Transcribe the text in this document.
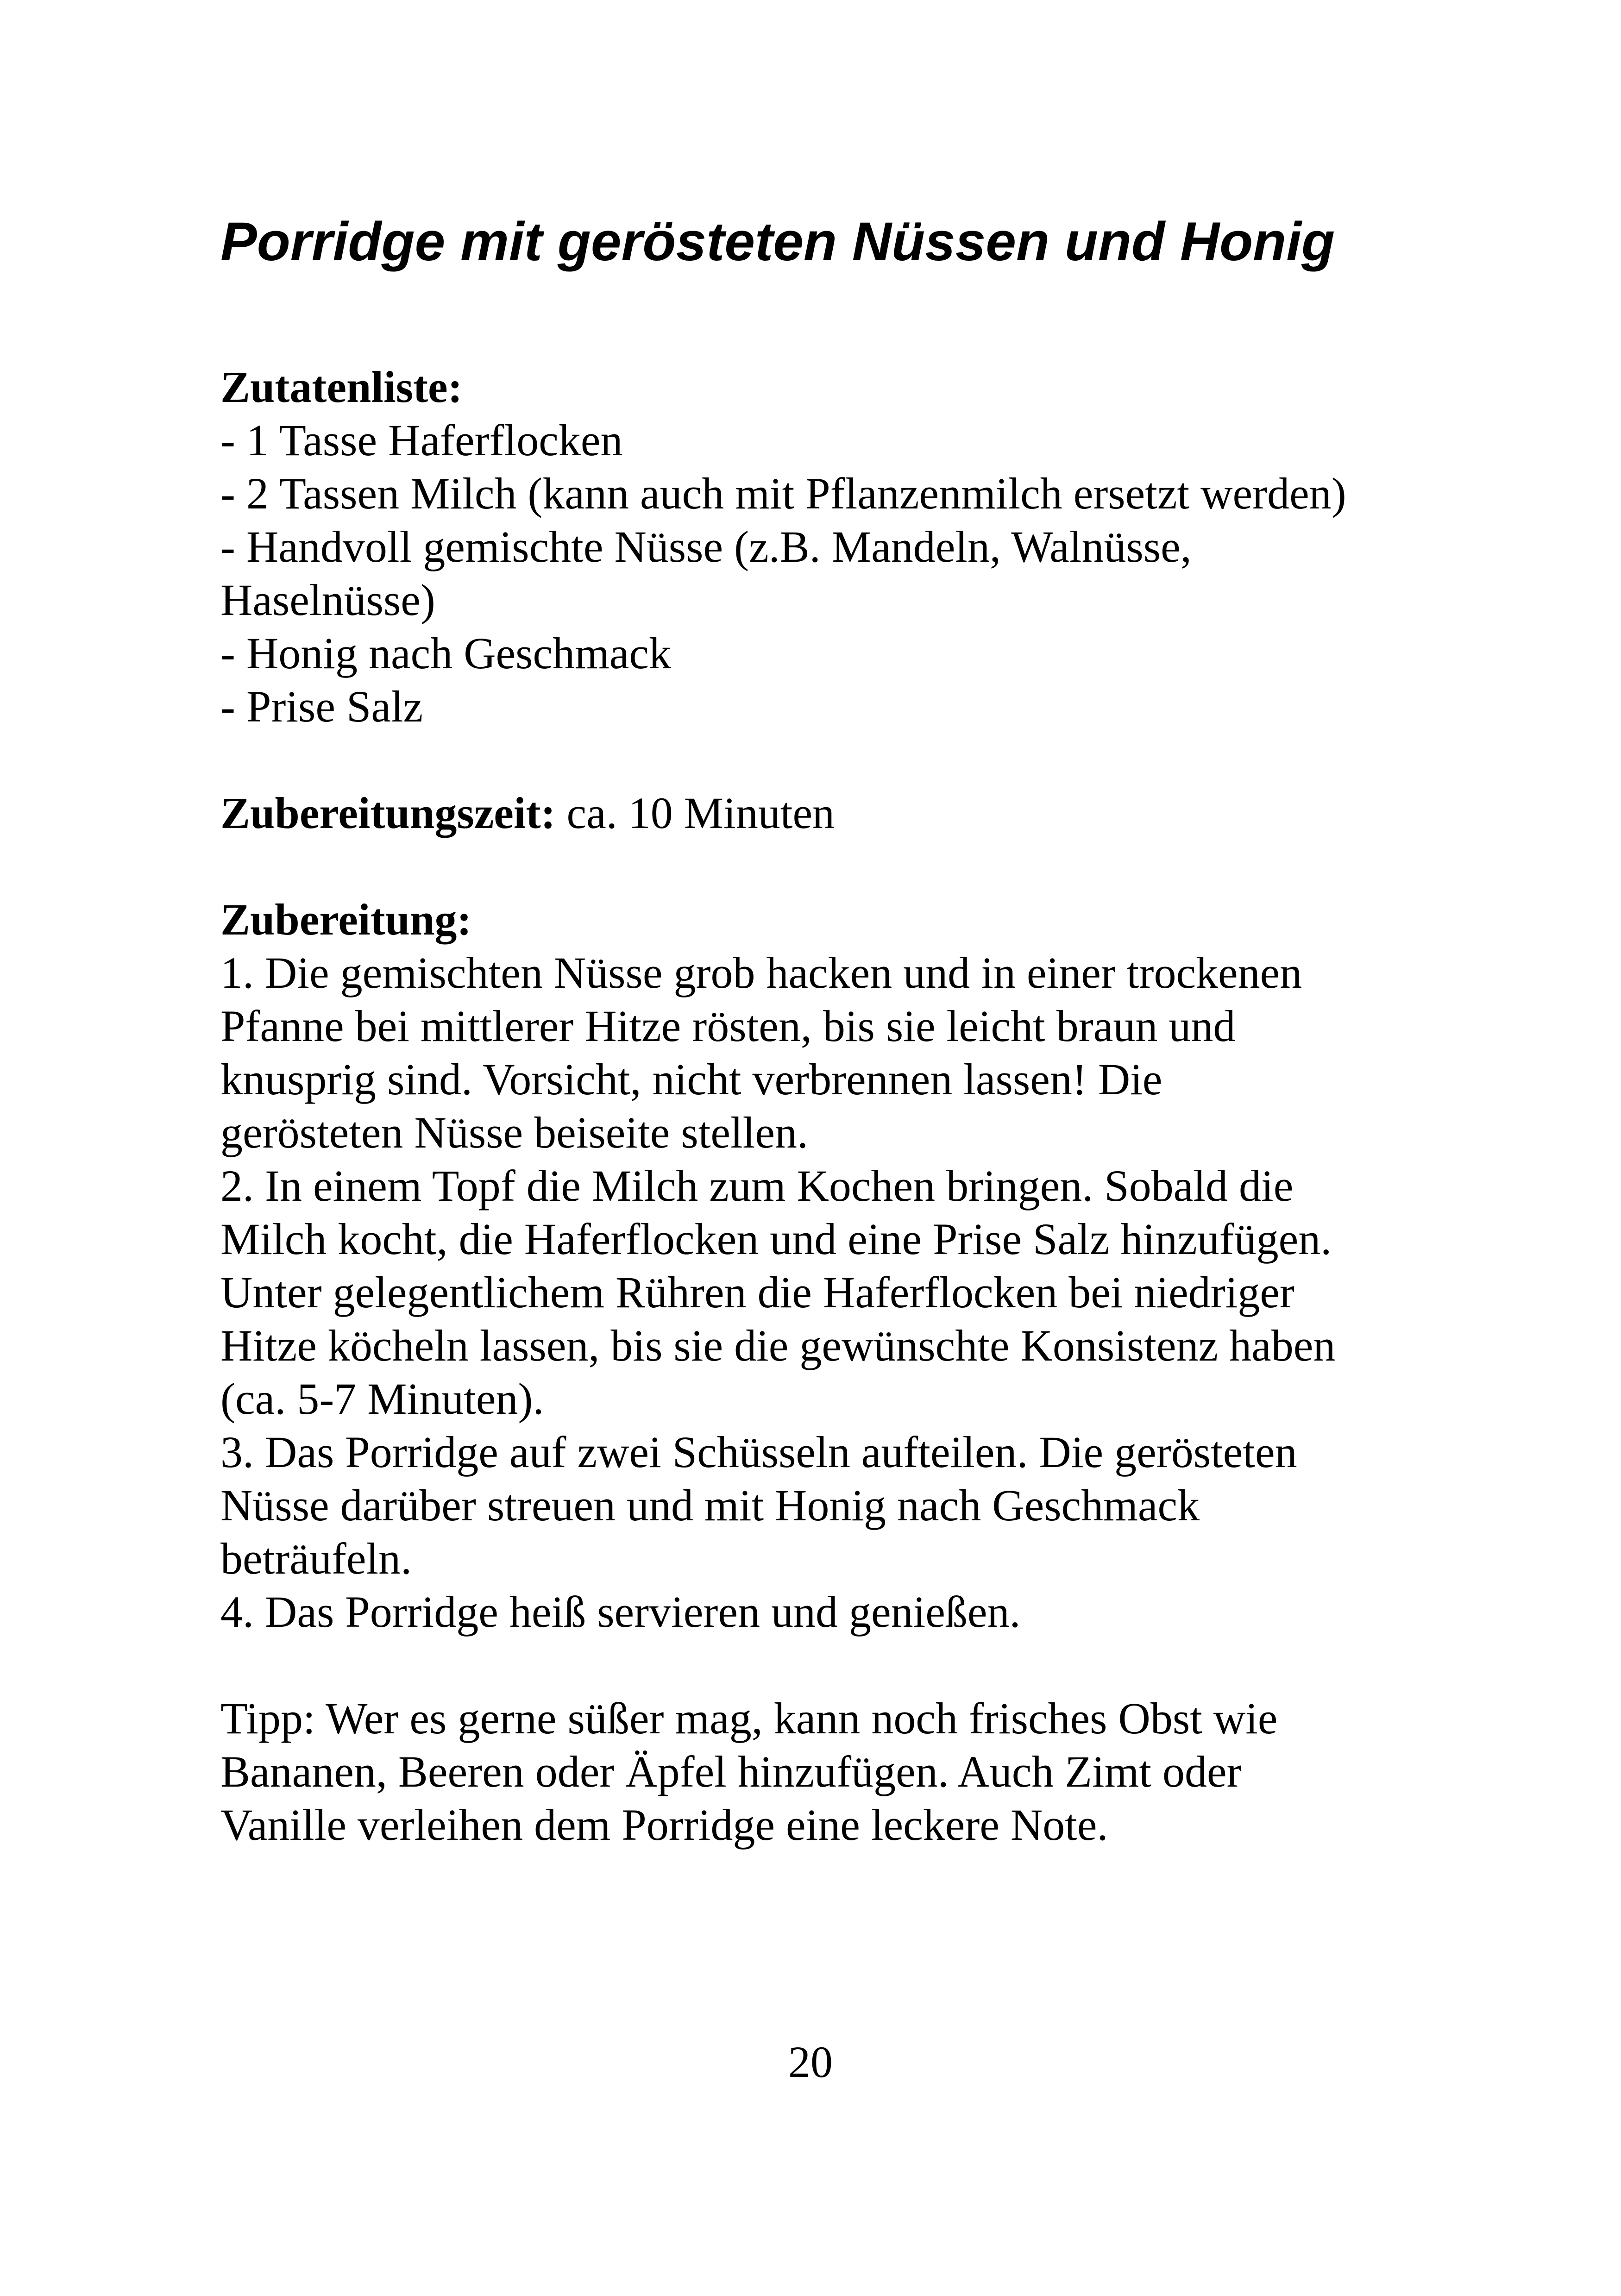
Porridge mit gerösteten Nüssen und Honig

Zutatenliste:

- 1 Tasse Haferflocken

- 2 Tassen Milch (kann auch mit Pflanzenmilch ersetzt werden)

- Handvoll gemischte Nüsse (z.B. Mandeln, Walnüsse,

Haselnüsse)

- Honig nach Geschmack

- Prise Salz

Zubereitungszeit: ca. 10 Minuten

Zubereitung:

1. Die gemischten Nüsse grob hacken und in einer trockenen

Pfanne bei mittlerer Hitze rösten, bis sie leicht braun und

knusprig sind. Vorsicht, nicht verbrennen lassen! Die

gerösteten Nüsse beiseite stellen.

2. In einem Topf die Milch zum Kochen bringen. Sobald die

Milch kocht, die Haferflocken und eine Prise Salz hinzufügen.

Unter gelegentlichem Rühren die Haferflocken bei niedriger

Hitze köcheln lassen, bis sie die gewünschte Konsistenz haben

(ca. 5-7 Minuten).

3. Das Porridge auf zwei Schüsseln aufteilen. Die gerösteten

Nüsse darüber streuen und mit Honig nach Geschmack

beträufeln.

4. Das Porridge heiß servieren und genießen.

Tipp: Wer es gerne süßer mag, kann noch frisches Obst wie

Bananen, Beeren oder Äpfel hinzufügen. Auch Zimt oder

Vanille verleihen dem Porridge eine leckere Note.

20
